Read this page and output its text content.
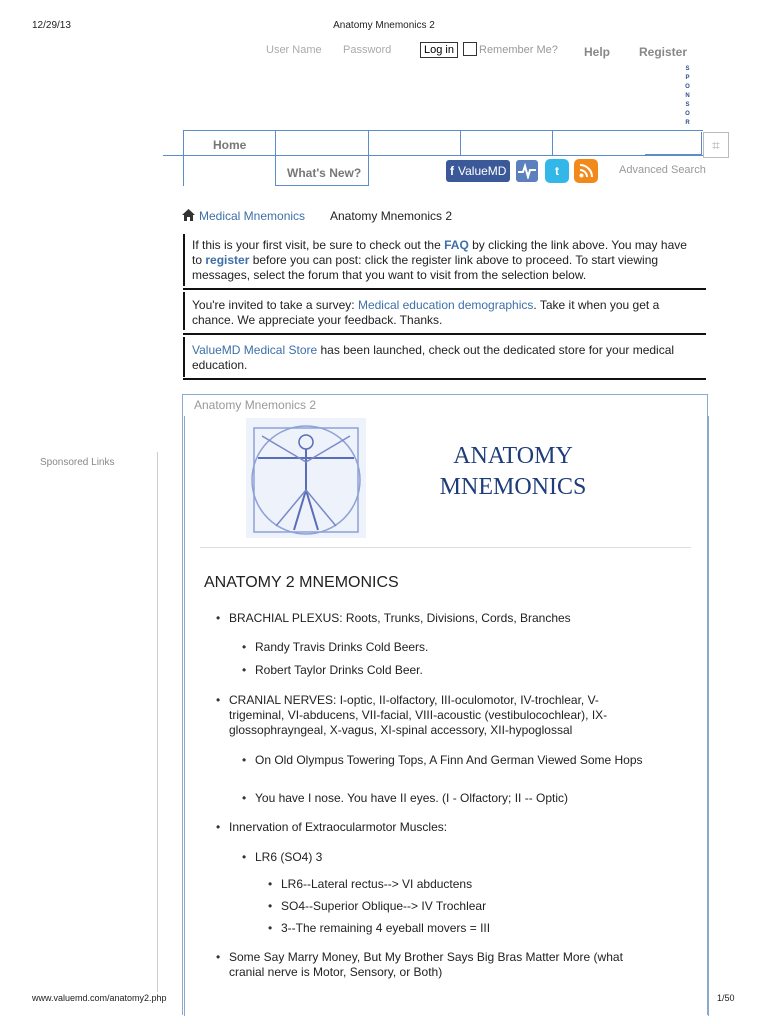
12/29/13	Anatomy Mnemonics 2
User Name Password	Log in	Remember Me? Help Register
S
P
O
N
S
O
R
Home
What's New?
⌗
f ValueMD	t	Advanced Search
Medical Mnemonics Anatomy Mnemonics 2
If this is your first visit, be sure to check out the FAQ by clicking the link above. You may have to register before you can post: click the register link above to proceed. To start viewing messages, select the forum that you want to visit from the selection below.
You're invited to take a survey: Medical education demographics. Take it when you get a chance. We appreciate your feedback. Thanks.
ValueMD Medical Store has been launched, check out the dedicated store for your medical education.
Sponsored Links
Anatomy Mnemonics 2
ANATOMY
MNEMONICS
ANATOMY 2 MNEMONICS
• BRACHIAL PLEXUS: Roots, Trunks, Divisions, Cords, Branches
• Randy Travis Drinks Cold Beers.
• Robert Taylor Drinks Cold Beer.
• CRANIAL NERVES: I-optic, II-olfactory, III-oculomotor, IV-trochlear, V-trigeminal, VI-abducens, VII-facial, VIII-acoustic (vestibulocochlear), IX-glossophrayngeal, X-vagus, XI-spinal accessory, XII-hypoglossal
• On Old Olympus Towering Tops, A Finn And German Viewed Some Hops
• You have I nose. You have II eyes. (I - Olfactory; II -- Optic)
• Innervation of Extraocularmotor Muscles:
• LR6 (SO4) 3
• LR6--Lateral rectus--> VI abductens
• SO4--Superior Oblique--> IV Trochlear
• 3--The remaining 4 eyeball movers = III
• Some Say Marry Money, But My Brother Says Big Bras Matter More (what cranial nerve is Motor, Sensory, or Both)
www.valuemd.com/anatomy2.php	1/50
